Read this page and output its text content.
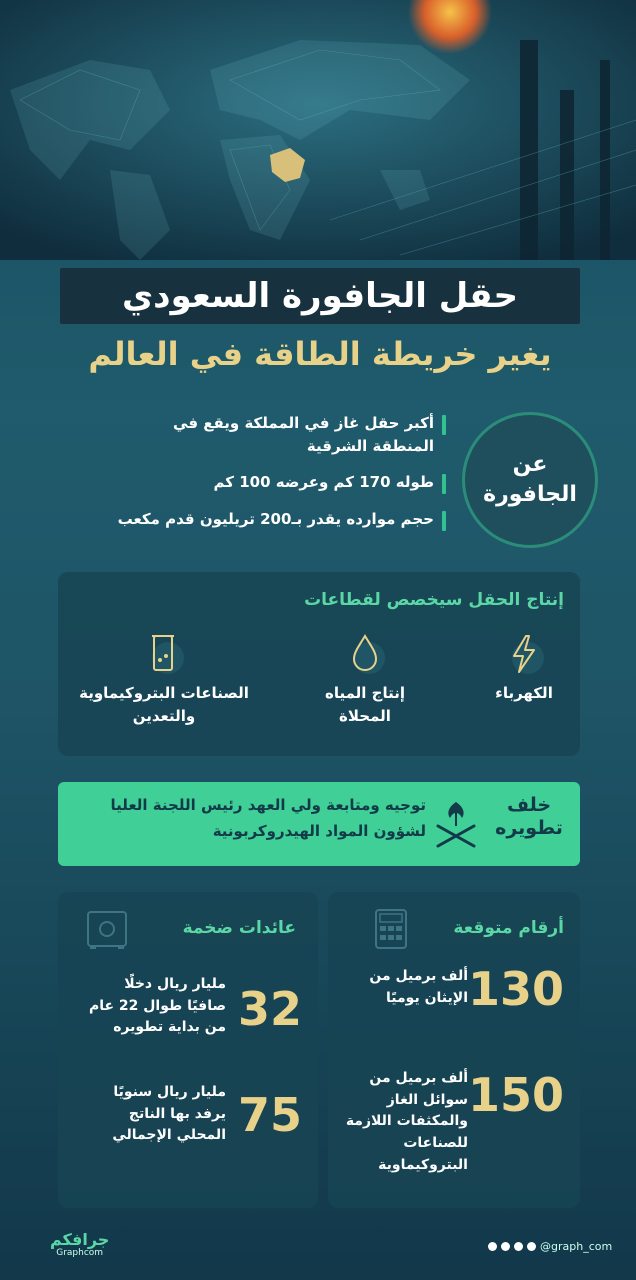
حقل الجافورة السعودي
يغير خريطة الطاقة في العالم
عن
الجافورة
أكبر حقل غاز في المملكة ويقع في المنطقة الشرقية
طوله 170 كم وعرضه 100 كم
حجم موارده يقدر بـ200 تريليون قدم مكعب
إنتاج الحقل سيخصص لقطاعات
الكهرباء
إنتاج المياه المحلاة
الصناعات البتروكيماوية والتعدين
خلف
تطويره
توجيه ومتابعة ولي العهد رئيس اللجنة العليا لشؤون المواد الهيدروكربونية
أرقام متوقعة
130
ألف برميل من الإيثان يوميًا
150
ألف برميل من سوائل الغاز والمكثفات اللازمة للصناعات البتروكيماوية
عائدات ضخمة
32
مليار ريال دخلًا صافيًا طوال 22 عام من بداية تطويره
75
مليار ريال سنويًا يرفد بها الناتج المحلي الإجمالي
جرافكم
Graphcom	@graph_com
